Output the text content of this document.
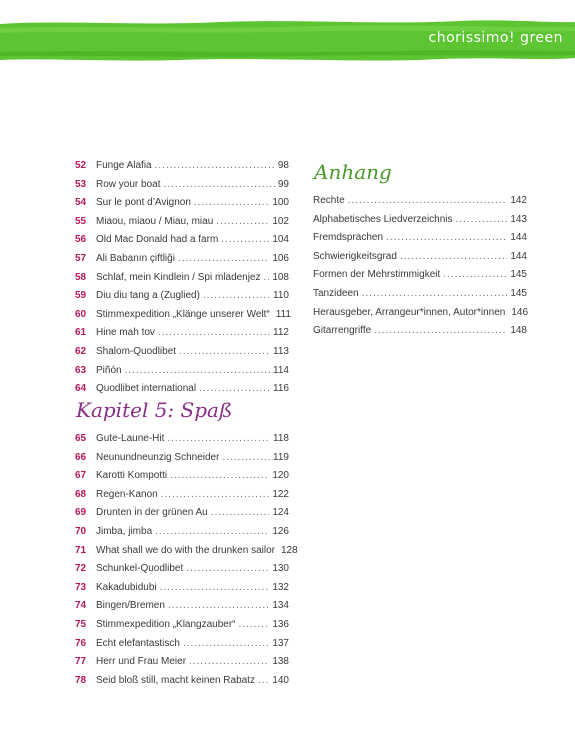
chorissimo! green
52 Funge Alafia .....	98
53 Row your boat .....	99
54 Sur le pont d’Avignon .....	100
55 Miaou, miaou / Miau, miau .....	102
56 Old Mac Donald had a farm .....	104
57 Ali Babanın çiftliği .....	106
58 Schlaf, mein Kindlein / Spi mladenjez ..... 108
59 Diu diu tang a (Zuglied) .....	110
60 Stimmexpedition „Klänge unserer Welt“ 111
61 Hine mah tov .....	112
62 Shalom-Quodlibet .....	113
63 Piñón .....	114
64 Quodlibet international .....	116
Kapitel 5: Spaß
65 Gute-Laune-Hit .....	118
66 Neunundneunzig Schneider .....	119
67 Karotti Kompotti .....	120
68 Regen-Kanon .....	122
69 Drunten in der grünen Au .....	124
70 Jimba, jimba .....	126
71 What shall we do with the drunken sailor 128
72 Schunkel-Quodlibet .....	130
73 Kakadubidubi .....	132
74 Bingen/Bremen .....	134
75 Stimmexpedition „Klangzauber“ .....	136
76 Echt elefantastisch .....	137
77 Herr und Frau Meier .....	138
78 Seid bloß still, macht keinen Rabatz ..... 140
Anhang
Rechte .....	142
Alphabetisches Liedverzeichnis .....	143
Fremdsprachen .....	144
Schwierigkeitsgrad .....	144
Formen der Mehrstimmigkeit .....	145
Tanzideen .....	145
Herausgeber, Arrangeur*innen, Autor*innen 146
Gitarrengriffe .....	148
